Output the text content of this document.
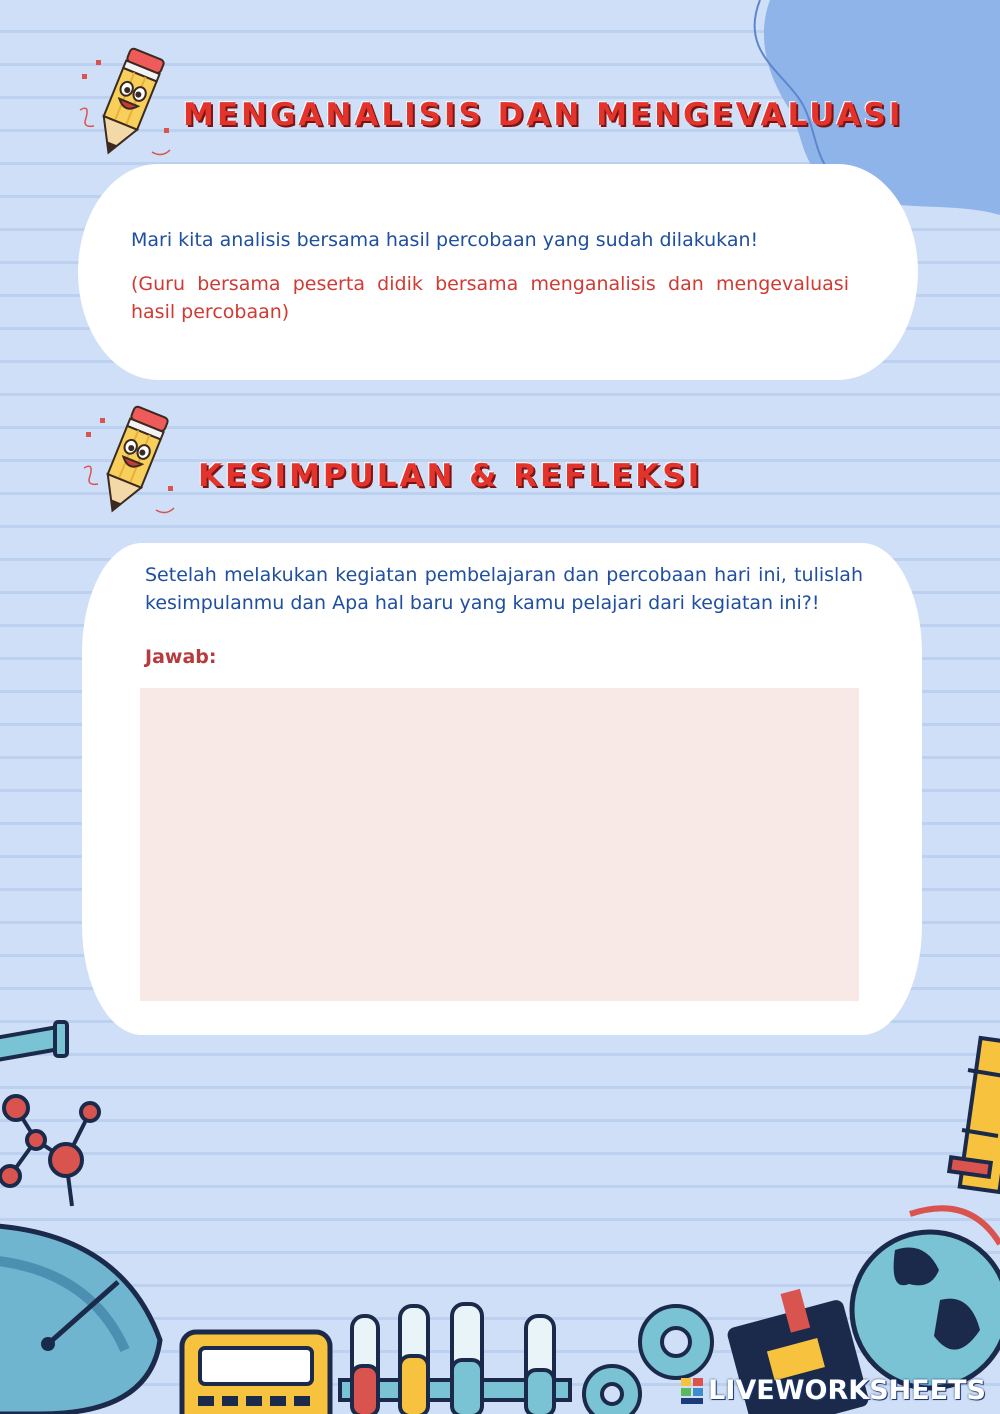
MENGANALISIS DAN MENGEVALUASI

Mari kita analisis bersama hasil percobaan yang sudah dilakukan!

(Guru bersama peserta didik bersama menganalisis dan mengevaluasi hasil percobaan)

KESIMPULAN & REFLEKSI

Setelah melakukan kegiatan pembelajaran dan percobaan hari ini, tulislah kesimpulanmu dan Apa hal baru yang kamu pelajari dari kegiatan ini?!

Jawab:

LIVEWORKSHEETS
